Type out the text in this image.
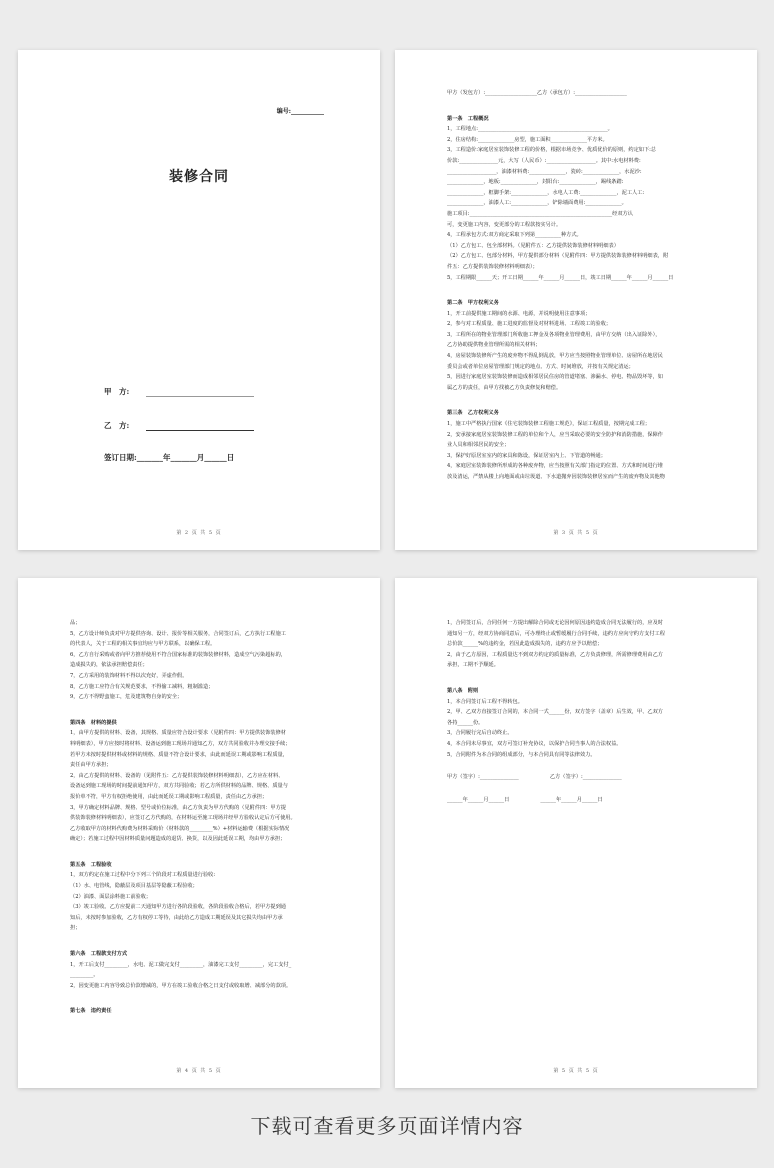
编号:___________
装修合同
甲　方:
乙　方:
签订日期:_______年_______月______日
第 2 页 共 5 页
甲方（发包方）:____________________乙方（承包方）:____________________
第一条　工程概况
1，工程地点:__________________________________________________。
2，住房结构:______________房型，施工面积______________平方米。
3，工程造价:家庭居室装饰装修工程的价格，根据市场竞争、优质优价的原则，约定如下:总
价款:_______________元，大写（人民币）:___________________。其中:水电材料费:
___________________，油漆材料费:______________，瓷砖:______________，水泥沙:
______________，地板:______________，封阳台:______________，踢线条踏:
______________，框脚手架:______________，水电人工费:______________，泥工人工:
______________，油漆人工:______________，铲除墙面费用:______________。
施工项目:_______________________________________________________经双方认
可，变更施工内容，变更部分的工程款按实另计。
4，工程承包方式:双方商定采取下列第__________种方式。
（1）乙方包工、包全部材料。（见附件五：乙方提供装饰装修材料明细表）
（2）乙方包工、包部分材料，甲方提供部分材料（见附件四：甲方提供装饰装修材料明细表，附
件五：乙方提供装饰装修材料明细表）；
5，工程期限______天；开工日期______年______月______日，竣工日期______年______月______日
第二条　甲方权利义务
1，开工前提供施工期间的水源、电源，并说明使用注意事项；
2，参与对工程质量、施工进度的监督及对材料进场、工程竣工的验收；
3，工程所在的物业管理部门所收施工押金及各项物业管理费用，由甲方交纳（出入证除外），
乙方协助提供物业管理所需的相关材料；
4，房屋装饰装修所产生的废弃物不得乱倒乱放，甲方应当按照物业管理单位、房屋所在地居民
委员会或者单位房屋管理部门规定的地点、方式、时间堆放，并按有关规定清运；
5，因进行家庭居室装饰装修而造成相邻居民住房的管道堵塞、渗漏水、停电、物品毁坏等，如
属乙方的责任，由甲方找被乙方负责修复和赔偿。
第三条　乙方权利义务
1，施工中严格执行国家《住宅装饰装修工程施工规范》，保证工程质量，按期完成工程；
2，安承接家庭居室装饰装修工程的单位和个人，应当采取必要的安全防护和消防措施，保障作
业人员和相邻居民的安全；
3，保护好原居室室内的家具和陈设，保证居室内上、下管道的畅通；
4，家庭居室装饰装修所形成的各种废弃物，应当按照有关部门指定的位置、方式和时间进行堆
放及清运，严禁从楼上向地面或由垃圾道、下水道抛弃因装饰装修居室而产生的废弃物及其他物
第 3 页 共 5 页
品；
5，乙方设计师负责对甲方提供咨询、设计、报价等相关服务，合同签订后，乙方执行工程施工
的代表人，关于工程的相关事宜均应与甲方联系，以确保工程。
6，乙方自行采购或者向甲方推荐使用不符合国家标准的装饰装修材料，造成空气污染超标的，
造成损失的，依法承担赔偿责任；
7，乙方采用的装饰材料不得以次充好，弄虚作假。
8，乙方施工应符合有关规范要求，不得偷工减料，粗制滥造；
9，乙方不得野蛮施工，危及建筑物自身的安全；
第四条　材料的提供
1，由甲方提供的材料、设备，其规格、质量应符合设计要求（见附件四：甲方提供装饰装修材
料明细表），甲方应按时将材料、设备运到施工现场并通知乙方，双方共同验收并办理交接手续；
若甲方未按时提供材料或材料的规格、质量不符合设计要求，由此而延误工期或影响工程质量，
责任由甲方承担；
2，由乙方提供的材料、设备的（见附件五：乙方提供装饰装修材料明细表），乙方应在材料、
设备运到施工现场的时间提前通知甲方，双方共同验收；若乙方所供材料的品牌、规格、质量与
报价单不符，甲方有权拒绝使用，由此而延误工期或影响工程质量，责任由乙方承担；
3，甲方确定材料品牌、规格、型号或价位标准，由乙方负责为甲方代购的（见附件四：甲方提
供装饰装修材料明细表），应签订乙方代购的，在材料运至施工现场并经甲方验收认定后方可使用。
乙方收取甲方的材料代购费为材料采购价（材料款的_________%）+材料运输费（根据实际情况
确定）；若施工过程中因材料质量问题造成的退货、换货，以及因此延误工期，均由甲方承担；
第五条　工程验收
1，双方约定在施工过程中分下列三个阶段对工程质量进行验收:
（1）水、电管线，隐蔽层及项目基层等隐蔽工程验收；
（2）油漆、面层涂料施工前验收；
（3）竣工验收。乙方应提前二天通知甲方进行各阶段验收，各阶段验收合格后，若甲方提到通
知后，未按时参加验收，乙方有权停工等待，由此给乙方造成工期延误及其它损失均由甲方承
担；
第六条　工程款支付方式
1，开工后支付_________，水电、泥工做完支付_________，油漆完工支付_________，完工支付_
_________。
2，因变更施工内容导致总价款增减的，甲方在竣工验收合格之日支付或收取增、减部分的款项。
第七条　违约责任
第 4 页 共 5 页
1，合同签订后，合同任何一方提出解除合同或无论因何原因违约造成合同无法履行的，应及时
通知另一方，经双方协商同意后，可办理终止或暂缓履行合同手续，违约方应向守约方支付工程
总价款______%的违约金，若因此造成损失的，违约方应予以赔偿；
2，由于乙方原因，工程质量达不到双方约定的质量标准，乙方负责修理，所需修理费用由乙方
承担，工期不予顺延。
第八条　附则
1，本合同签订后工程不得转包。
2，甲、乙双方直接签订合同的，本合同一式______份，双方签字（盖章）后生效，甲、乙双方
各持______份。
3，合同履行完后自动终止。
4，本合同未尽事宜，双方可签订补充协议，以保护合同当事人的合法权益。
5，合同附件为本合同的组成部分，与本合同具有同等法律效力。
甲方（签字）:_______________　　　　　　乙方（签字）:_______________
______年______月______日　　　　　　______年______月______日
第 5 页 共 5 页
下载可查看更多页面详情内容
